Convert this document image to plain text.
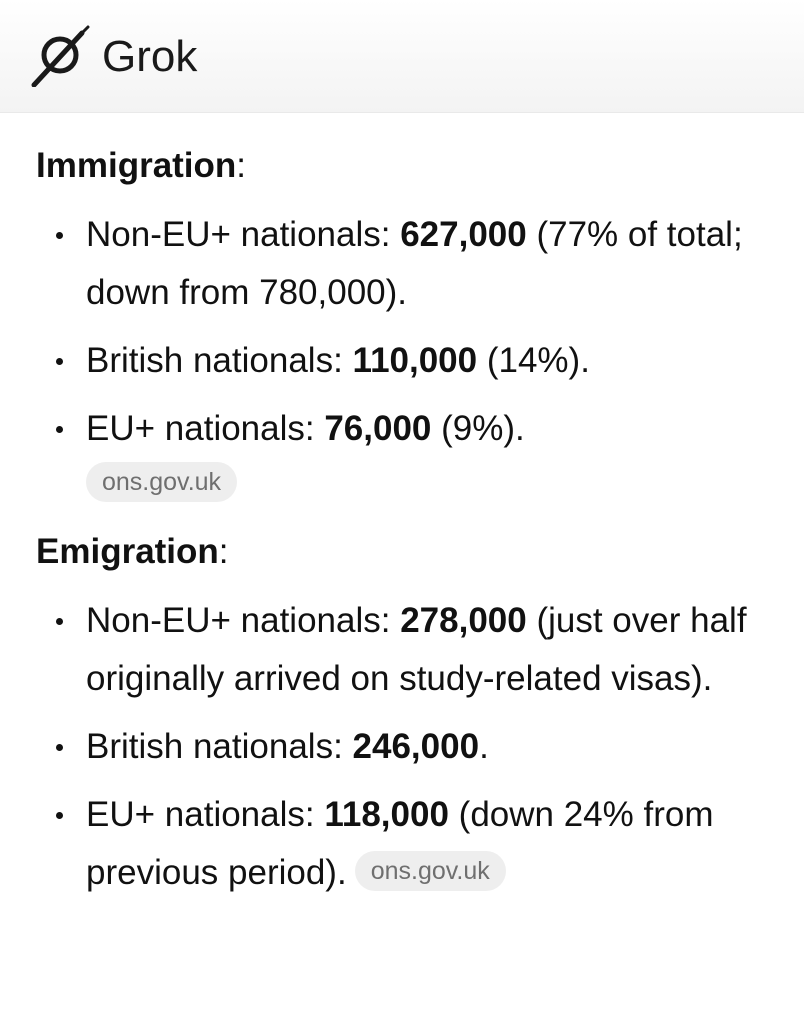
Grok
Immigration:
Non-EU+ nationals: 627,000 (77% of total; down from 780,000).
British nationals: 110,000 (14%).
EU+ nationals: 76,000 (9%).
ons.gov.uk
Emigration:
Non-EU+ nationals: 278,000 (just over half originally arrived on study-related visas).
British nationals: 246,000.
EU+ nationals: 118,000 (down 24% from previous period). ons.gov.uk
